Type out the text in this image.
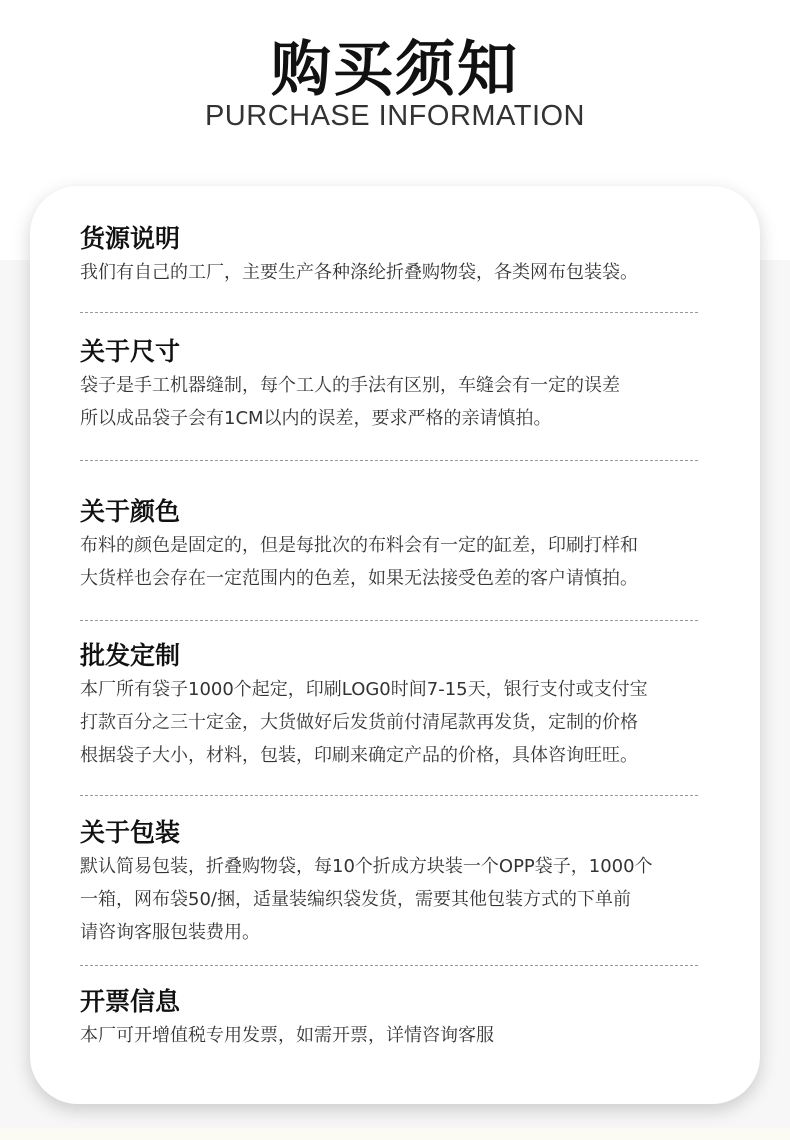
购买须知
PURCHASE INFORMATION
货源说明
我们有自己的工厂，主要生产各种涤纶折叠购物袋，各类网布包装袋。
关于尺寸
袋子是手工机器缝制，每个工人的手法有区别，车缝会有一定的误差
所以成品袋子会有1CM以内的误差，要求严格的亲请慎拍。
关于颜色
布料的颜色是固定的，但是每批次的布料会有一定的缸差，印刷打样和
大货样也会存在一定范围内的色差，如果无法接受色差的客户请慎拍。
批发定制
本厂所有袋子1000个起定，印刷LOG0时间7-15天，银行支付或支付宝
打款百分之三十定金，大货做好后发货前付清尾款再发货，定制的价格
根据袋子大小，材料，包装，印刷来确定产品的价格，具体咨询旺旺。
关于包装
默认简易包装，折叠购物袋，每10个折成方块装一个OPP袋子，1000个
一箱，网布袋50/捆，适量装编织袋发货，需要其他包装方式的下单前
请咨询客服包装费用。
开票信息
本厂可开增值税专用发票，如需开票，详情咨询客服
